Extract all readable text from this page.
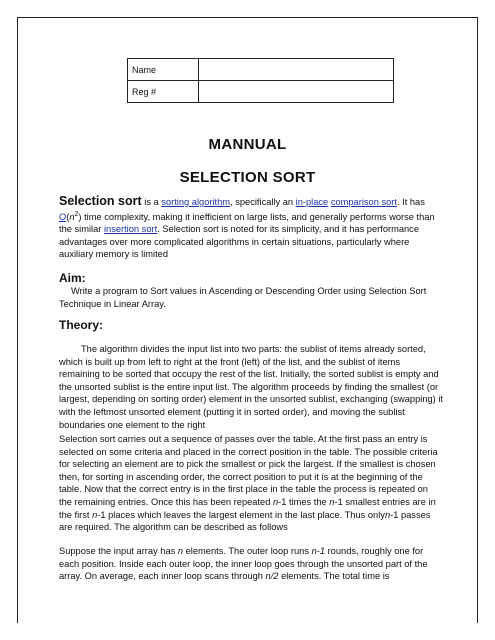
Name	
Reg #	
MANNUAL
SELECTION SORT

Selection sort is a sorting algorithm, specifically an in-place comparison sort. It has $O(n^2)$ time complexity, making it inefficient on large lists, and generally performs worse than the similar insertion sort. Selection sort is noted for its simplicity, and it has performance advantages over more complicated algorithms in certain situations, particularly where auxiliary memory is limited

Aim:

Write a program to Sort values in Ascending or Descending Order using Selection Sort Technique in Linear Array.

Theory:

The algorithm divides the input list into two parts: the sublist of items already sorted, which is built up from left to right at the front (left) of the list, and the sublist of items remaining to be sorted that occupy the rest of the list. Initially, the sorted sublist is empty and the unsorted sublist is the entire input list. The algorithm proceeds by finding the smallest (or largest, depending on sorting order) element in the unsorted sublist, exchanging (swapping) it with the leftmost unsorted element (putting it in sorted order), and moving the sublist boundaries one element to the right

Selection sort carries out a sequence of passes over the table. At the first pass an entry is selected on some criteria and placed in the correct position in the table. The possible criteria for selecting an element are to pick the smallest or pick the largest. If the smallest is chosen then, for sorting in ascending order, the correct position to put it is at the beginning of the table. Now that the correct entry is in the first place in the table the process is repeated on the remaining entries. Once this has been repeated n-1 times the n-1 smallest entries are in the first n-1 places which leaves the largest element in the last place. Thus onlyn-1 passes are required. The algorithm can be described as follows

Suppose the input array has n elements. The outer loop runs n-1 rounds, roughly one for each position. Inside each outer loop, the inner loop goes through the unsorted part of the array. On average, each inner loop scans through n/2 elements. The total time is
